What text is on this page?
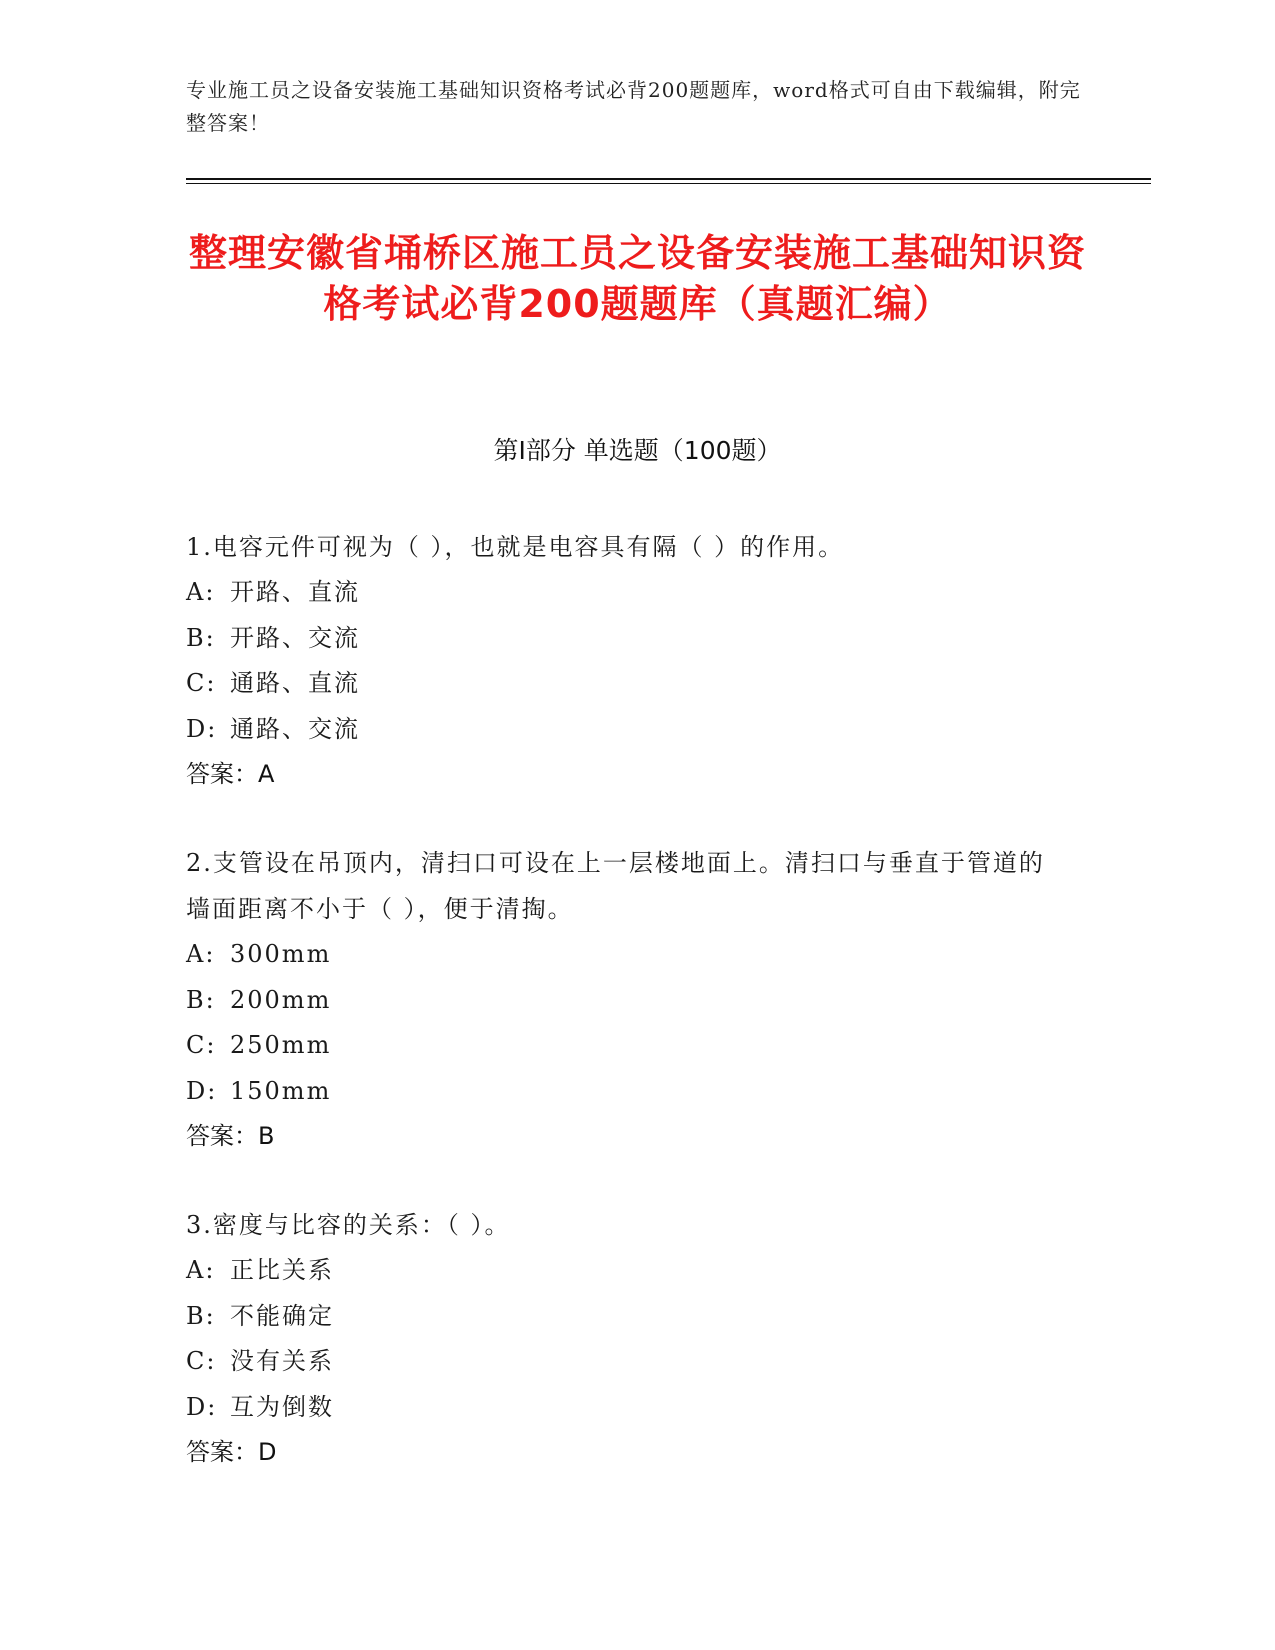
专业施工员之设备安装施工基础知识资格考试必背200题题库，word格式可自由下载编辑，附完整答案！
整理安徽省埇桥区施工员之设备安装施工基础知识资格考试必背200题题库（真题汇编）
第Ⅰ部分 单选题（100题）
1.电容元件可视为（ ），也就是电容具有隔（ ）的作用。
A: 开路、直流
B: 开路、交流
C: 通路、直流
D: 通路、交流
答案：A
2.支管设在吊顶内，清扫口可设在上一层楼地面上。清扫口与垂直于管道的墙面距离不小于（ ），便于清掏。
A: 300mm
B: 200mm
C: 250mm
D: 150mm
答案：B
3.密度与比容的关系：（ ）。
A: 正比关系
B: 不能确定
C: 没有关系
D: 互为倒数
答案：D
